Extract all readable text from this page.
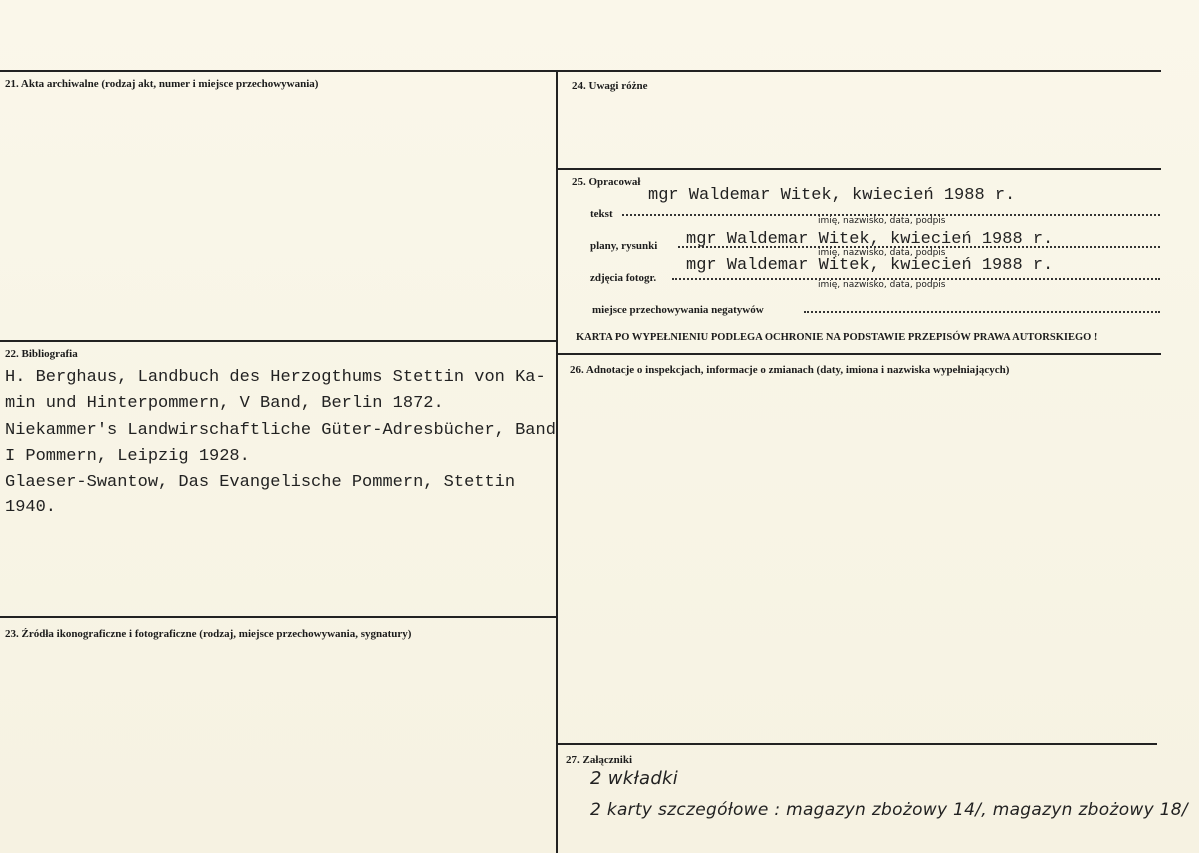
21. Akta archiwalne (rodzaj akt, numer i miejsce przechowywania)
22. Bibliografia
H. Berghaus, Landbuch des Herzogthums Stettin von Ka-
min und Hinterpommern, V Band, Berlin 1872.
Niekammer's Landwirschaftliche Güter-Adresbücher, Band
I Pommern, Leipzig 1928.
Glaeser-Swantow, Das Evangelische Pommern, Stettin
1940.
23. Źródła ikonograficzne i fotograficzne (rodzaj, miejsce przechowywania, sygnatury)
24. Uwagi różne
25. Opracował
tekst
mgr Waldemar Witek, kwiecień 1988 r.
imię, nazwisko, data, podpis
plany, rysunki mgr Waldemar Witek, kwiecień 1988 r.
imię, nazwisko, data, podpis
zdjęcia fotogr.
mgr Waldemar Witek, kwiecień 1988 r.
imię, nazwisko, data, podpis
miejsce przechowywania negatywów
KARTA PO WYPEŁNIENIU PODLEGA OCHRONIE NA PODSTAWIE PRZEPISÓW PRAWA AUTORSKIEGO !
26. Adnotacje o inspekcjach, informacje o zmianach (daty, imiona i nazwiska wypełniających)
27. Załączniki
2 wkładki
2 karty szczegółowe : magazyn zbożowy 14/, magazyn zbożowy 18/
